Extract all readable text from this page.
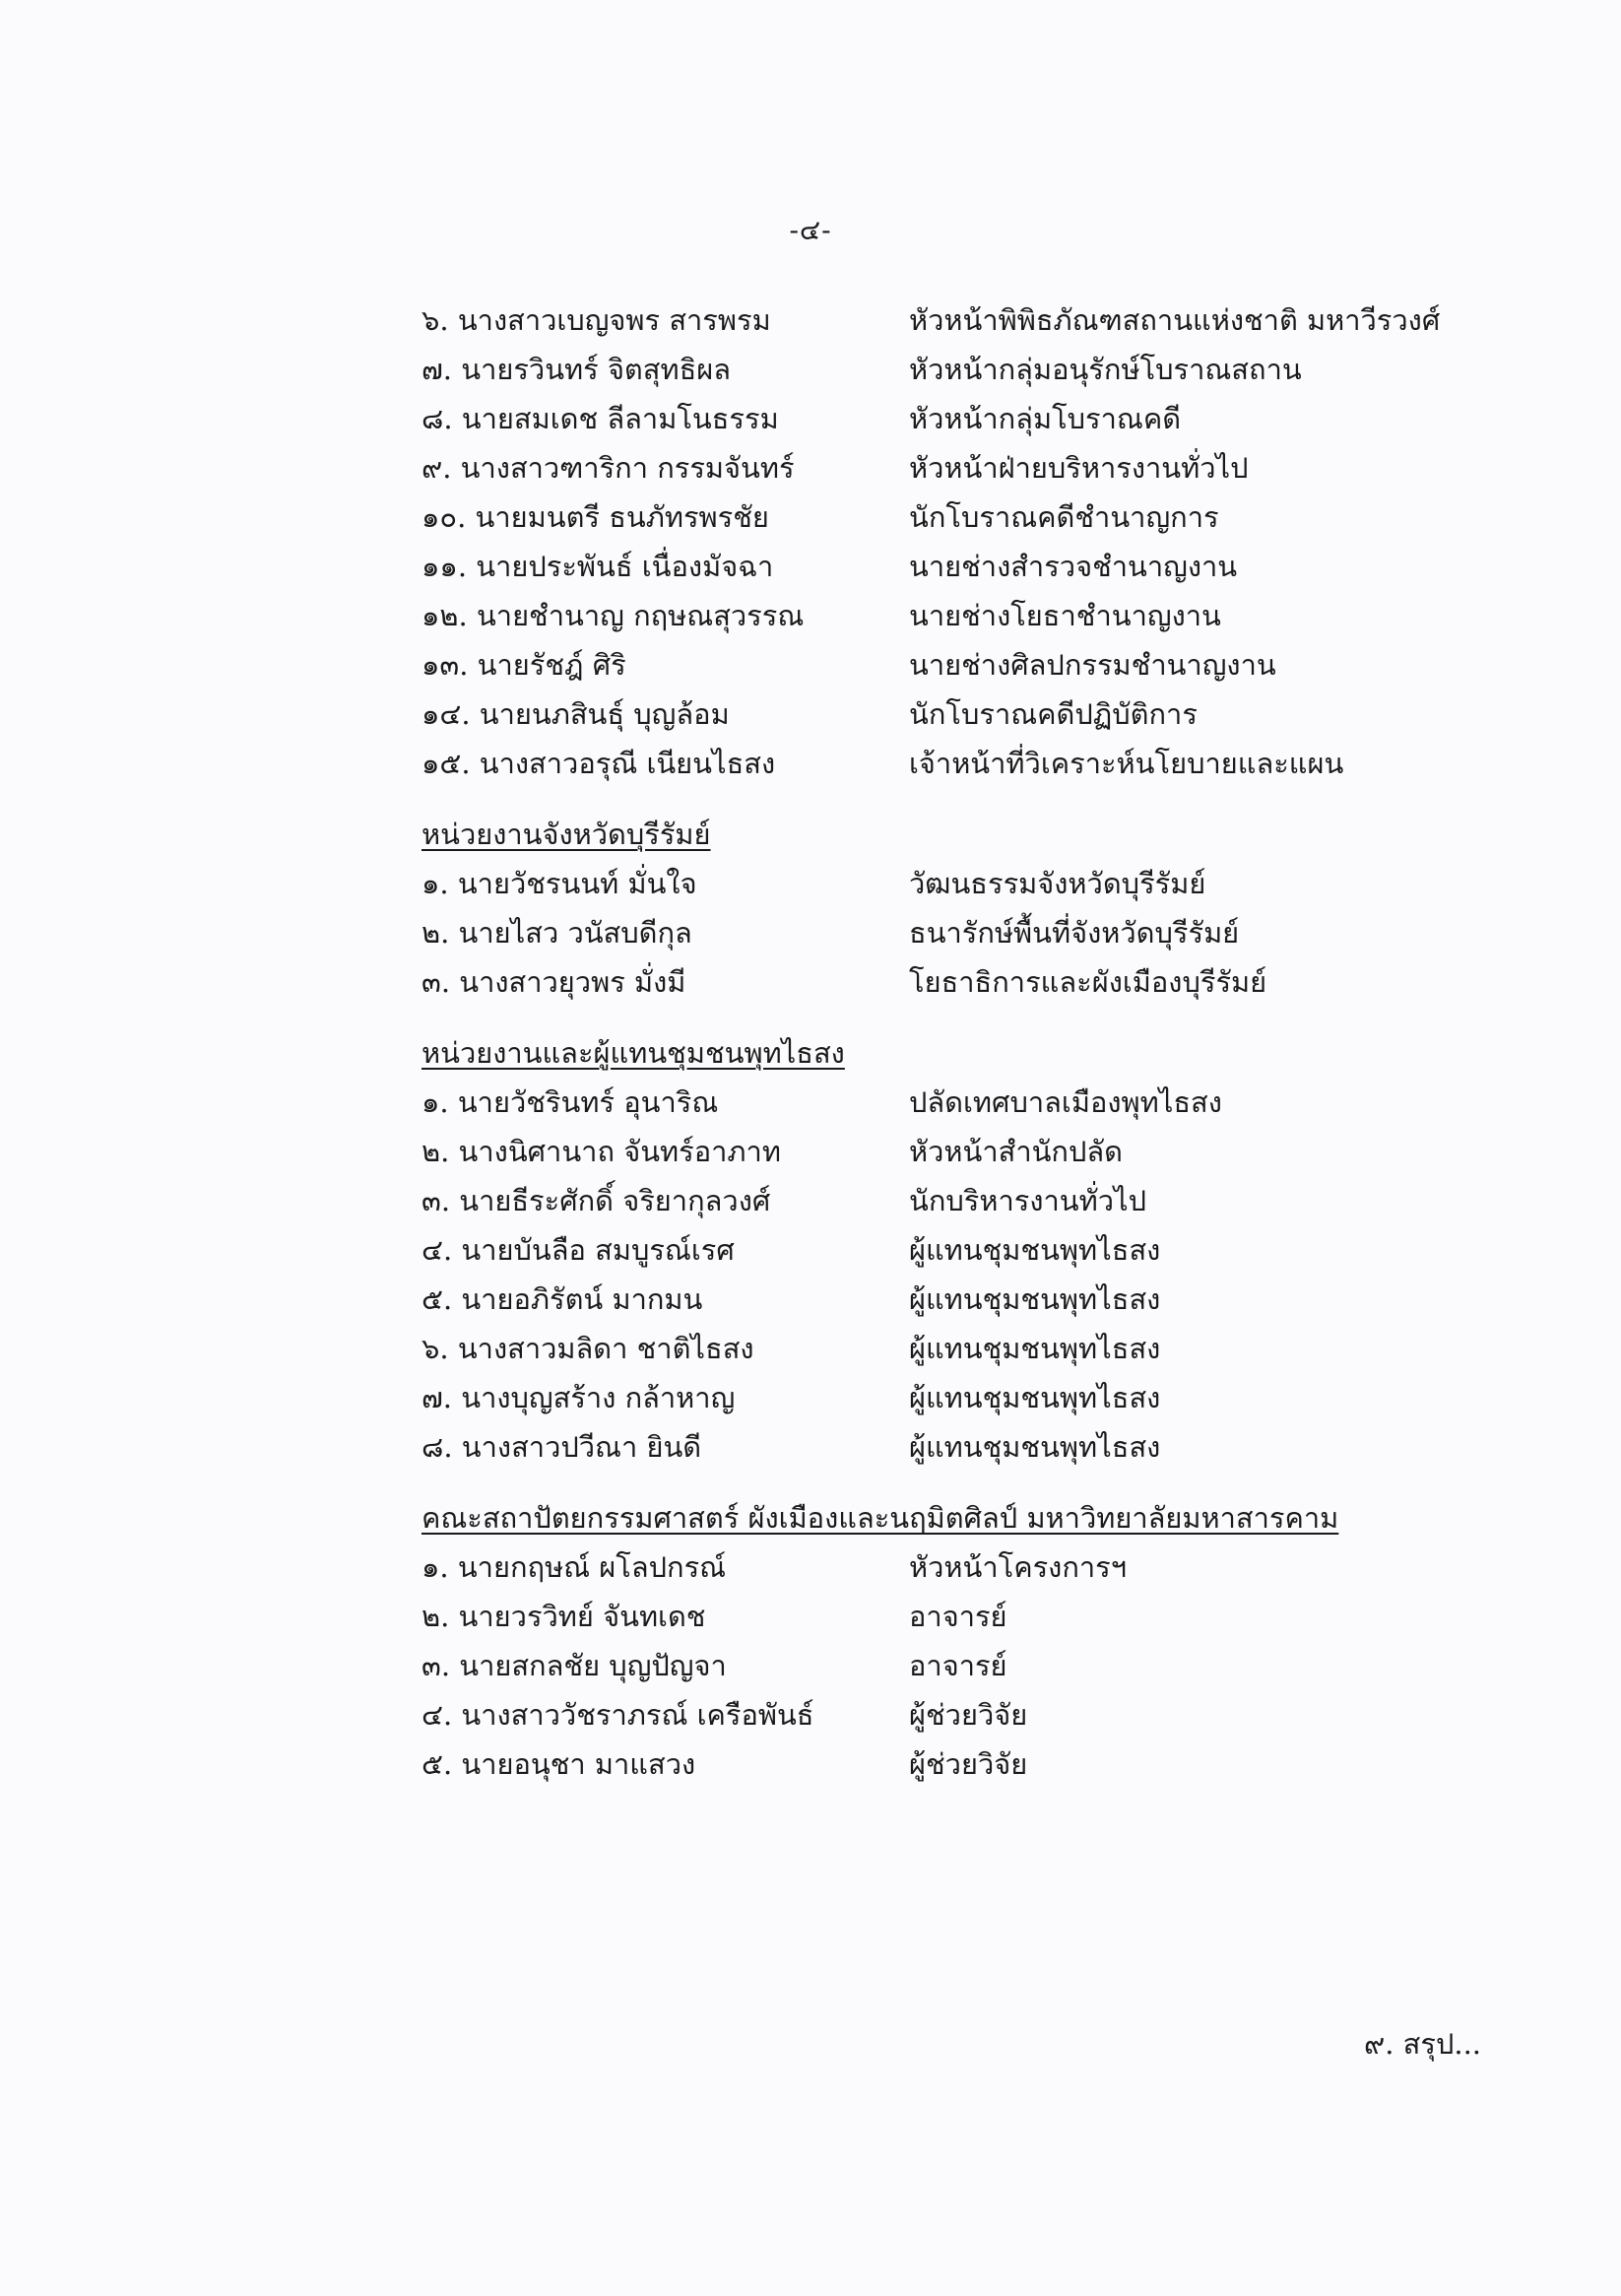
-๔-
๖. นางสาวเบญจพร สารพรม	หัวหน้าพิพิธภัณฑสถานแห่งชาติ มหาวีรวงศ์
๗. นายรวินทร์ จิตสุทธิผล	หัวหน้ากลุ่มอนุรักษ์โบราณสถาน
๘. นายสมเดช ลีลามโนธรรม	หัวหน้ากลุ่มโบราณคดี
๙. นางสาวฑาริกา กรรมจันทร์	หัวหน้าฝ่ายบริหารงานทั่วไป
๑๐. นายมนตรี ธนภัทรพรชัย	นักโบราณคดีชำนาญการ
๑๑. นายประพันธ์ เนื่องมัจฉา	นายช่างสำรวจชำนาญงาน
๑๒. นายชำนาญ กฤษณสุวรรณ	นายช่างโยธาชำนาญงาน
๑๓. นายรัชฎ์ ศิริ	นายช่างศิลปกรรมชำนาญงาน
๑๔. นายนภสินธุ์ บุญล้อม	นักโบราณคดีปฏิบัติการ
๑๕. นางสาวอรุณี เนียนไธสง	เจ้าหน้าที่วิเคราะห์นโยบายและแผน
หน่วยงานจังหวัดบุรีรัมย์
๑. นายวัชรนนท์ มั่นใจ	วัฒนธรรมจังหวัดบุรีรัมย์
๒. นายไสว วนัสบดีกุล	ธนารักษ์พื้นที่จังหวัดบุรีรัมย์
๓. นางสาวยุวพร มั่งมี	โยธาธิการและผังเมืองบุรีรัมย์
หน่วยงานและผู้แทนชุมชนพุทไธสง
๑. นายวัชรินทร์ อุนาริณ	ปลัดเทศบาลเมืองพุทไธสง
๒. นางนิศานาถ จันทร์อาภาท	หัวหน้าสำนักปลัด
๓. นายธีระศักดิ์ จริยากุลวงศ์	นักบริหารงานทั่วไป
๔. นายบันลือ สมบูรณ์เรศ	ผู้แทนชุมชนพุทไธสง
๕. นายอภิรัตน์ มากมน	ผู้แทนชุมชนพุทไธสง
๖. นางสาวมลิดา ชาติไธสง	ผู้แทนชุมชนพุทไธสง
๗. นางบุญสร้าง กล้าหาญ	ผู้แทนชุมชนพุทไธสง
๘. นางสาวปวีณา ยินดี	ผู้แทนชุมชนพุทไธสง
คณะสถาปัตยกรรมศาสตร์ ผังเมืองและนฤมิตศิลป์ มหาวิทยาลัยมหาสารคาม
๑. นายกฤษณ์ ผโลปกรณ์	หัวหน้าโครงการฯ
๒. นายวรวิทย์ จันทเดช	อาจารย์
๓. นายสกลชัย บุญปัญจา	อาจารย์
๔. นางสาววัชราภรณ์ เครือพันธ์	ผู้ช่วยวิจัย
๕. นายอนุชา มาแสวง	ผู้ช่วยวิจัย
๙. สรุป...
